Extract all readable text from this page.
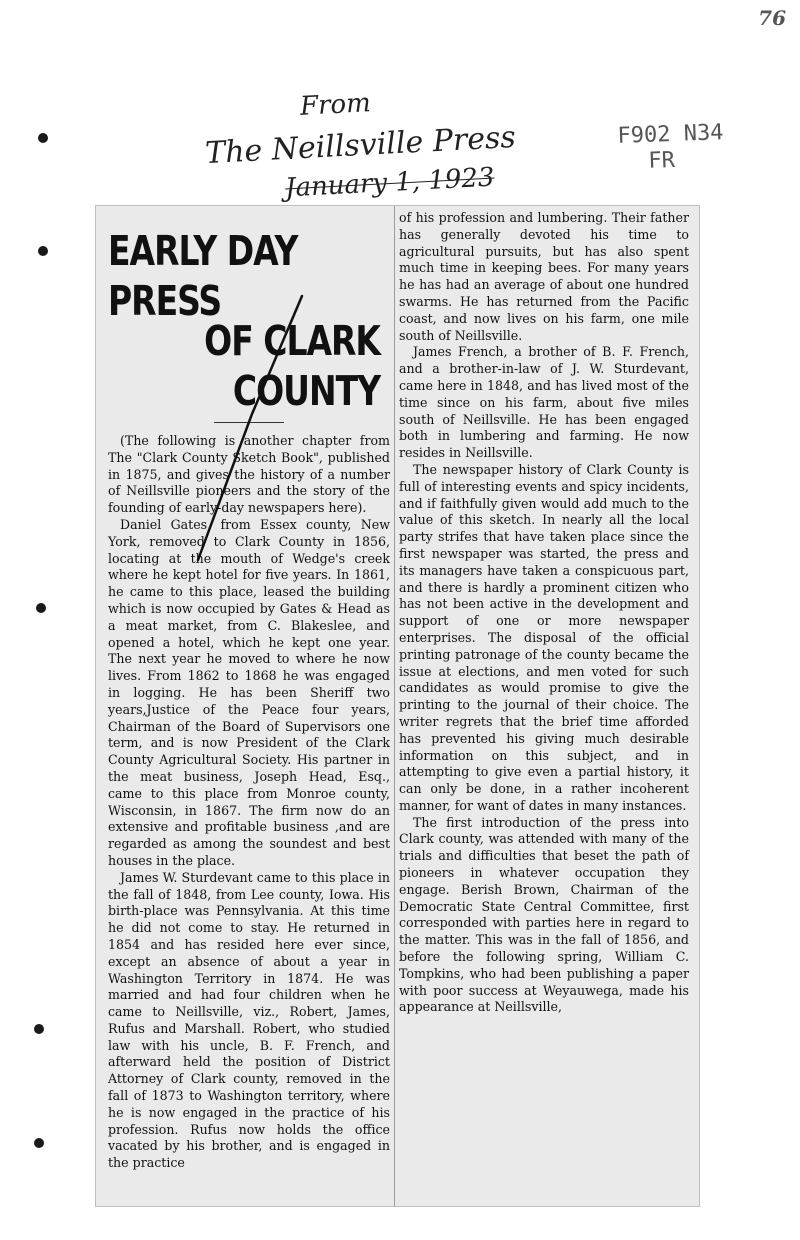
76
From
The Neillsville Press
January 1, 1923
F902 N34
FR
EARLY DAY PRESS
OF CLARK COUNTY

(The following is another chapter from The "Clark County Sketch Book", published in 1875, and gives the history of a number of Neillsville pioneers and the story of the founding of early-day newspapers here).

Daniel Gates, from Essex county, New York, removed to Clark County in 1856, locating at the mouth of Wedge's creek where he kept hotel for five years. In 1861, he came to this place, leased the building which is now occupied by Gates & Head as a meat market, from C. Blakeslee, and opened a hotel, which he kept one year. The next year he moved to where he now lives. From 1862 to 1868 he was engaged in logging. He has been Sheriff two years,Justice of the Peace four years, Chairman of the Board of Supervisors one term, and is now President of the Clark County Agricultural Society. His partner in the meat business, Joseph Head, Esq., came to this place from Monroe county, Wisconsin, in 1867. The firm now do an extensive and profitable business ,and are regarded as among the soundest and best houses in the place.

James W. Sturdevant came to this place in the fall of 1848, from Lee county, Iowa. His birth-place was Pennsylvania. At this time he did not come to stay. He returned in 1854 and has resided here ever since, except an absence of about a year in Washington Territory in 1874. He was married and had four children when he came to Neillsville, viz., Robert, James, Rufus and Marshall. Robert, who studied law with his uncle, B. F. French, and afterward held the position of District Attorney of Clark county, removed in the fall of 1873 to Washington territory, where he is now engaged in the practice of his profession. Rufus now holds the office vacated by his brother, and is engaged in the practice

of his profession and lumbering. Their father has generally devoted his time to agricultural pursuits, but has also spent much time in keeping bees. For many years he has had an average of about one hundred swarms. He has returned from the Pacific coast, and now lives on his farm, one mile south of Neillsville.

James French, a brother of B. F. French, and a brother-in-law of J. W. Sturdevant, came here in 1848, and has lived most of the time since on his farm, about five miles south of Neillsville. He has been engaged both in lumbering and farming. He now resides in Neillsville.

The newspaper history of Clark County is full of interesting events and spicy incidents, and if faithfully given would add much to the value of this sketch. In nearly all the local party strifes that have taken place since the first newspaper was started, the press and its managers have taken a conspicuous part, and there is hardly a prominent citizen who has not been active in the development and support of one or more newspaper enterprises. The disposal of the official printing patronage of the county became the issue at elections, and men voted for such candidates as would promise to give the printing to the journal of their choice. The writer regrets that the brief time afforded has prevented his giving much desirable information on this subject, and in attempting to give even a partial history, it can only be done, in a rather incoherent manner, for want of dates in many instances.

The first introduction of the press into Clark county, was attended with many of the trials and difficulties that beset the path of pioneers in whatever occupation they engage. Berish Brown, Chairman of the Democratic State Central Committee, first corresponded with parties here in regard to the matter. This was in the fall of 1856, and before the following spring, William C. Tompkins, who had been publishing a paper with poor success at Weyauwega, made his appearance at Neillsville,
